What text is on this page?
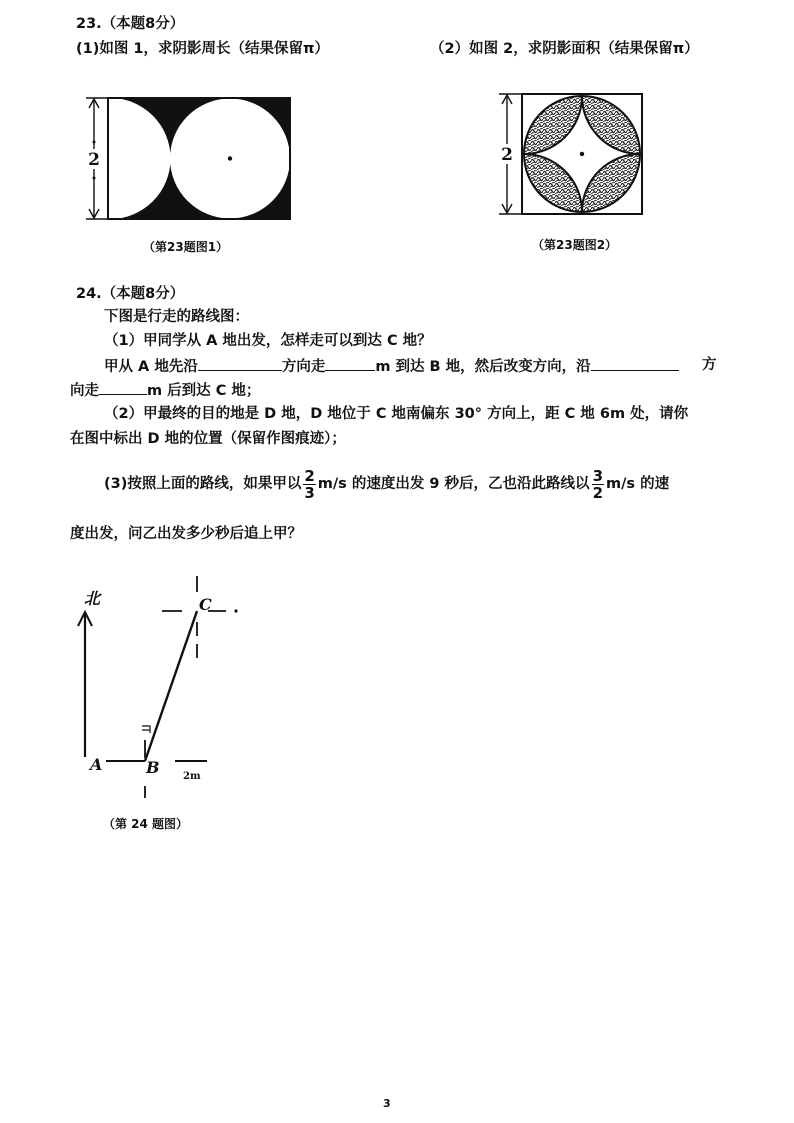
23.（本题8分）
(1)如图 1，求阴影周长（结果保留π）	（2）如图 2，求阴影面积（结果保留π）
2	2
（第23题图1）	（第23题图2）
24.（本题8分）
下图是行走的路线图：
（1）甲同学从 A 地出发，怎样走可以到达 C 地？
甲从 A 地先沿	方向走	m 到达 B 地，然后改变方向，沿	方
向走	m 后到达 C 地；
（2）甲最终的目的地是 D 地，D 地位于 C 地南偏东 30° 方向上，距 C 地 6m 处，请你
在图中标出 D 地的位置（保留作图痕迹）；
(3)按照上面的路线，如果甲以 $\frac{2}{3} m/s$ 的速度出发 9 秒后，乙也沿此路线以 $\frac{3}{2} m/s$ 的速
度出发，问乙出发多少秒后追上甲？
北
2m
A	B
C
（第 24 题图）
3
